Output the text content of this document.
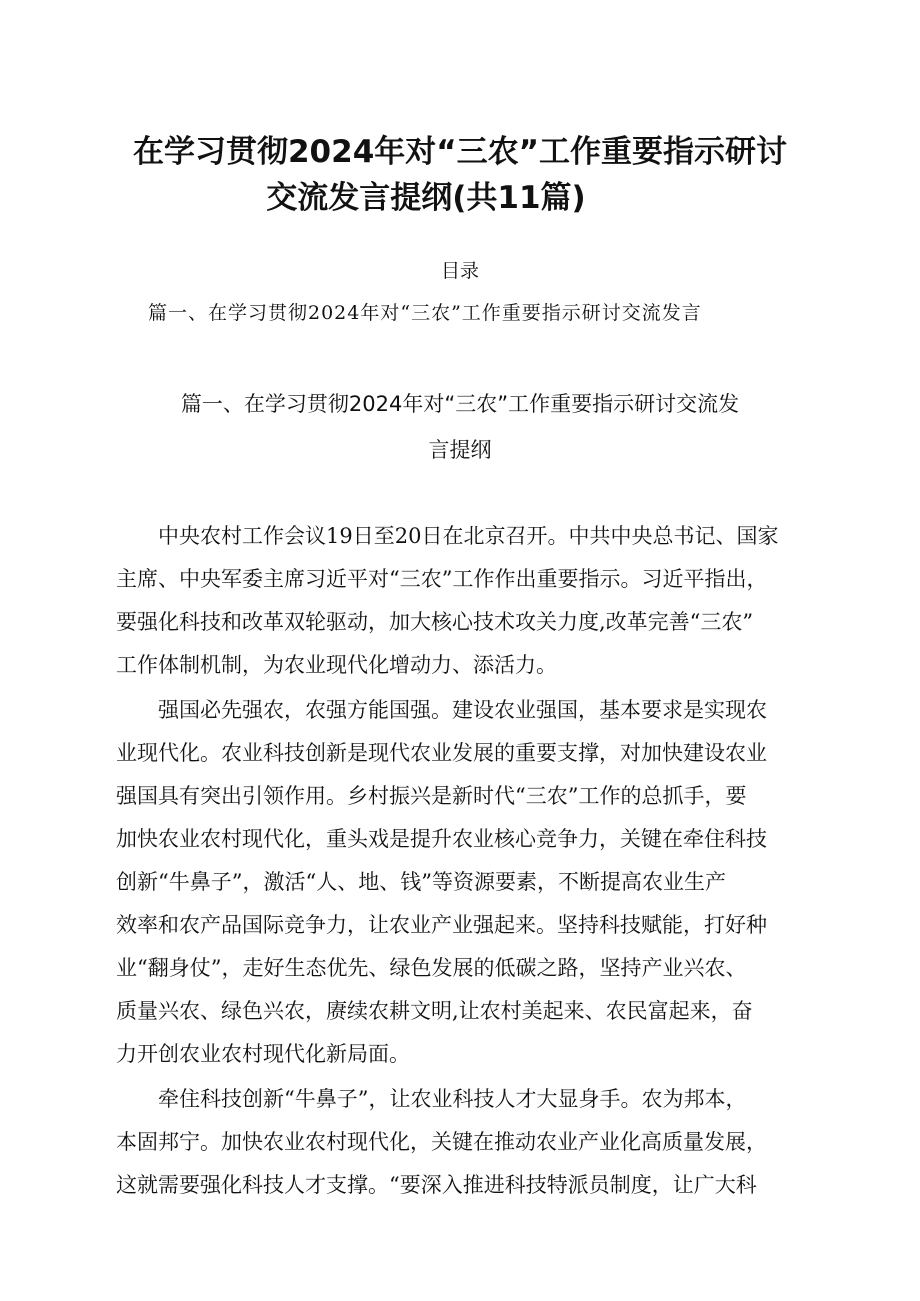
在学习贯彻2024年对“三农”工作重要指示研讨
交流发言提纲(共11篇)
目录
篇一、在学习贯彻2024年对“三农”工作重要指示研讨交流发言
篇一、在学习贯彻2024年对“三农”工作重要指示研讨交流发
言提纲
　　中央农村工作会议19日至20日在北京召开。中共中央总书记、国家
主席、中央军委主席习近平对“三农”工作作出重要指示。习近平指出，
要强化科技和改革双轮驱动，加大核心技术攻关力度,改革完善“三农”
工作体制机制，为农业现代化增动力、添活力。
　　强国必先强农，农强方能国强。建设农业强国，基本要求是实现农
业现代化。农业科技创新是现代农业发展的重要支撑，对加快建设农业
强国具有突出引领作用。乡村振兴是新时代“三农”工作的总抓手，要
加快农业农村现代化，重头戏是提升农业核心竞争力，关键在牵住科技
创新“牛鼻子”，激活“人、地、钱”等资源要素，不断提高农业生产
效率和农产品国际竞争力，让农业产业强起来。坚持科技赋能，打好种
业“翻身仗”，走好生态优先、绿色发展的低碳之路，坚持产业兴农、
质量兴农、绿色兴农，赓续农耕文明,让农村美起来、农民富起来，奋
力开创农业农村现代化新局面。
　　牵住科技创新“牛鼻子”，让农业科技人才大显身手。农为邦本，
本固邦宁。加快农业农村现代化，关键在推动农业产业化高质量发展，
这就需要强化科技人才支撑。“要深入推进科技特派员制度，让广大科
